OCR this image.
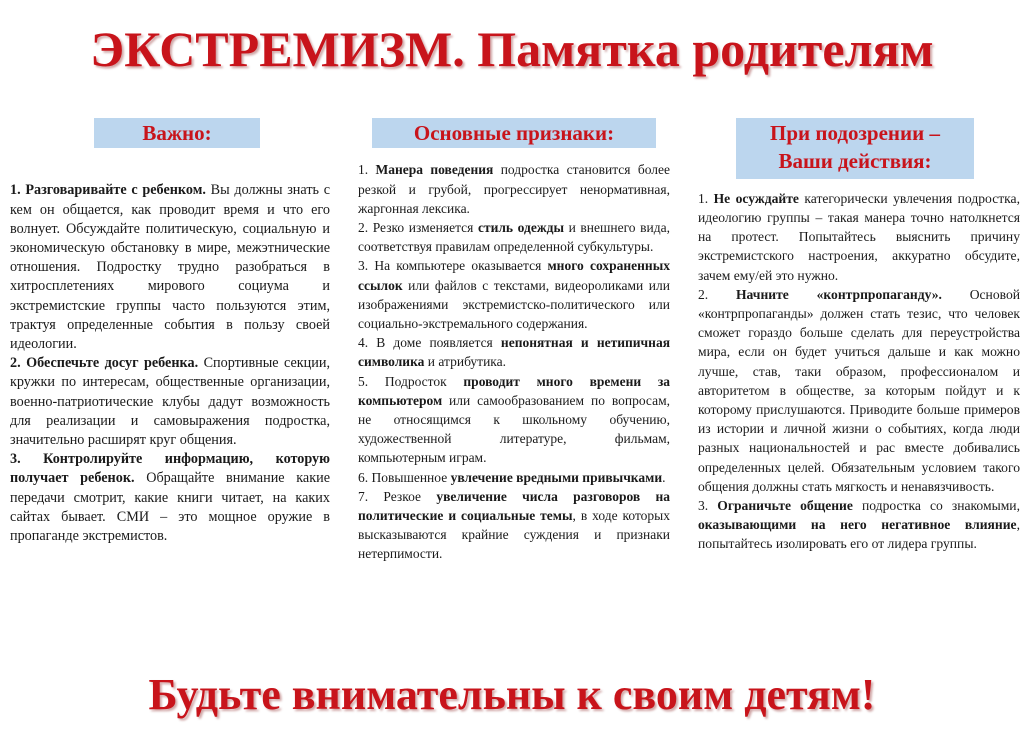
ЭКСТРЕМИЗМ. Памятка родителям
Важно:

1. Разговаривайте с ребенком. Вы должны знать с кем он общается, как проводит время и что его волнует. Обсуждайте политическую, социальную и экономическую обстановку в мире, межэтнические отношения. Подростку трудно разобраться в хитросплетениях мирового социума и экстремистские группы часто пользуются этим, трактуя определенные события в пользу своей идеологии.

2. Обеспечьте досуг ребенка. Спортивные секции, кружки по интересам, общественные организации, военно-патриотические клубы дадут возможность для реализации и самовыражения подростка, значительно расширят круг общения.

3. Контролируйте информацию, которую получает ребенок. Обращайте внимание какие передачи смотрит, какие книги читает, на каких сайтах бывает. СМИ – это мощное оружие в пропаганде экстремистов.

Основные признаки:

1. Манера поведения подростка становится более резкой и грубой, прогрессирует ненормативная, жаргонная лексика.

2. Резко изменяется стиль одежды и внешнего вида, соответствуя правилам определенной субкультуры.

3. На компьютере оказывается много сохраненных ссылок или файлов с текстами, видеороликами или изображениями экстремистско-политического или социально-экстремального содержания.

4. В доме появляется непонятная и нетипичная символика и атрибутика.

5. Подросток проводит много времени за компьютером или самообразованием по вопросам, не относящимся к школьному обучению, художественной литературе, фильмам, компьютерным играм.

6. Повышенное увлечение вредными привычками.

7. Резкое увеличение числа разговоров на политические и социальные темы, в ходе которых высказываются крайние суждения и признаки нетерпимости.

При подозрении – Ваши действия:

1. Не осуждайте категорически увлечения подростка, идеологию группы – такая манера точно натолкнется на протест. Попытайтесь выяснить причину экстремистского настроения, аккуратно обсудите, зачем ему/ей это нужно.

2. Начните «контрпропаганду». Основой «контрпропаганды» должен стать тезис, что человек сможет гораздо больше сделать для переустройства мира, если он будет учиться дальше и как можно лучше, став, таки образом, профессионалом и авторитетом в обществе, за которым пойдут и к которому прислушаются. Приводите больше примеров из истории и личной жизни о событиях, когда люди разных национальностей и рас вместе добивались определенных целей. Обязательным условием такого общения должны стать мягкость и ненавязчивость.

3. Ограничьте общение подростка со знакомыми, оказывающими на него негативное влияние, попытайтесь изолировать его от лидера группы.

Будьте внимательны к своим детям!
